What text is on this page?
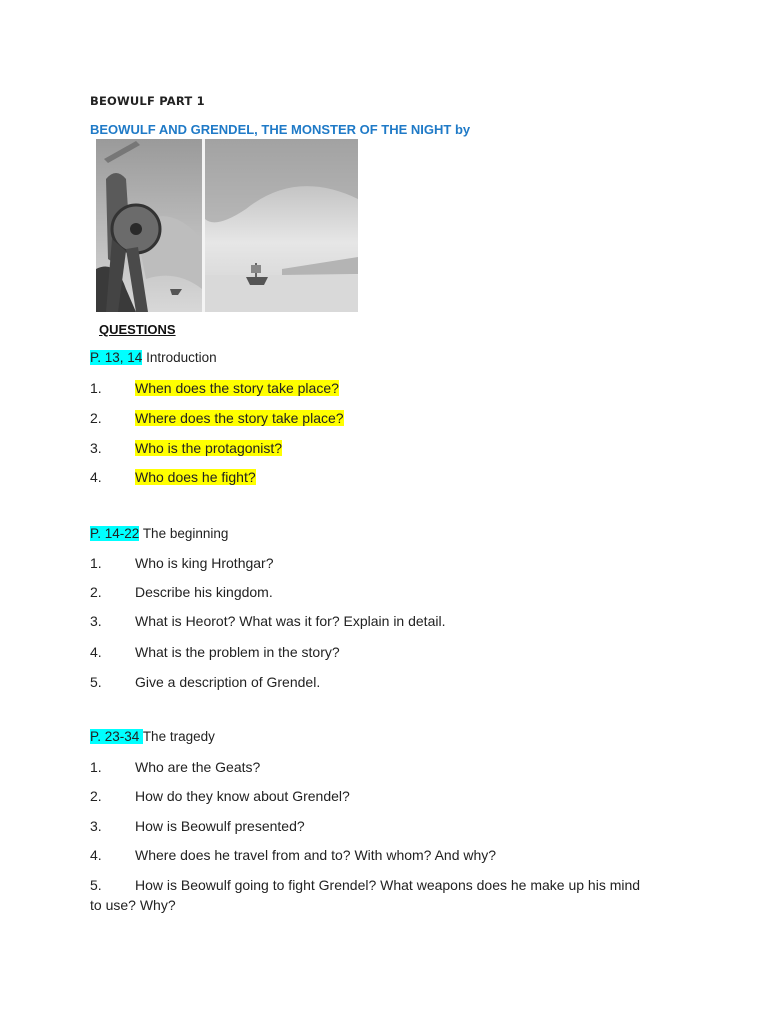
BEOWULF PART 1
BEOWULF AND GRENDEL, THE MONSTER OF THE NIGHT by
QUESTIONS
P. 13, 14 Introduction
1. When does the story take place?
2. Where does the story take place?
3. Who is the protagonist?
4. Who does he fight?
P. 14-22 The beginning
1. Who is king Hrothgar?
2. Describe his kingdom.
3. What is Heorot? What was it for? Explain in detail.
4. What is the problem in the story?
5. Give a description of Grendel.
P. 23-34 The tragedy
1. Who are the Geats?
2. How do they know about Grendel?
3. How is Beowulf presented?
4. Where does he travel from and to? With whom? And why?
5. How is Beowulf going to fight Grendel? What weapons does he make up his mind to use? Why?
